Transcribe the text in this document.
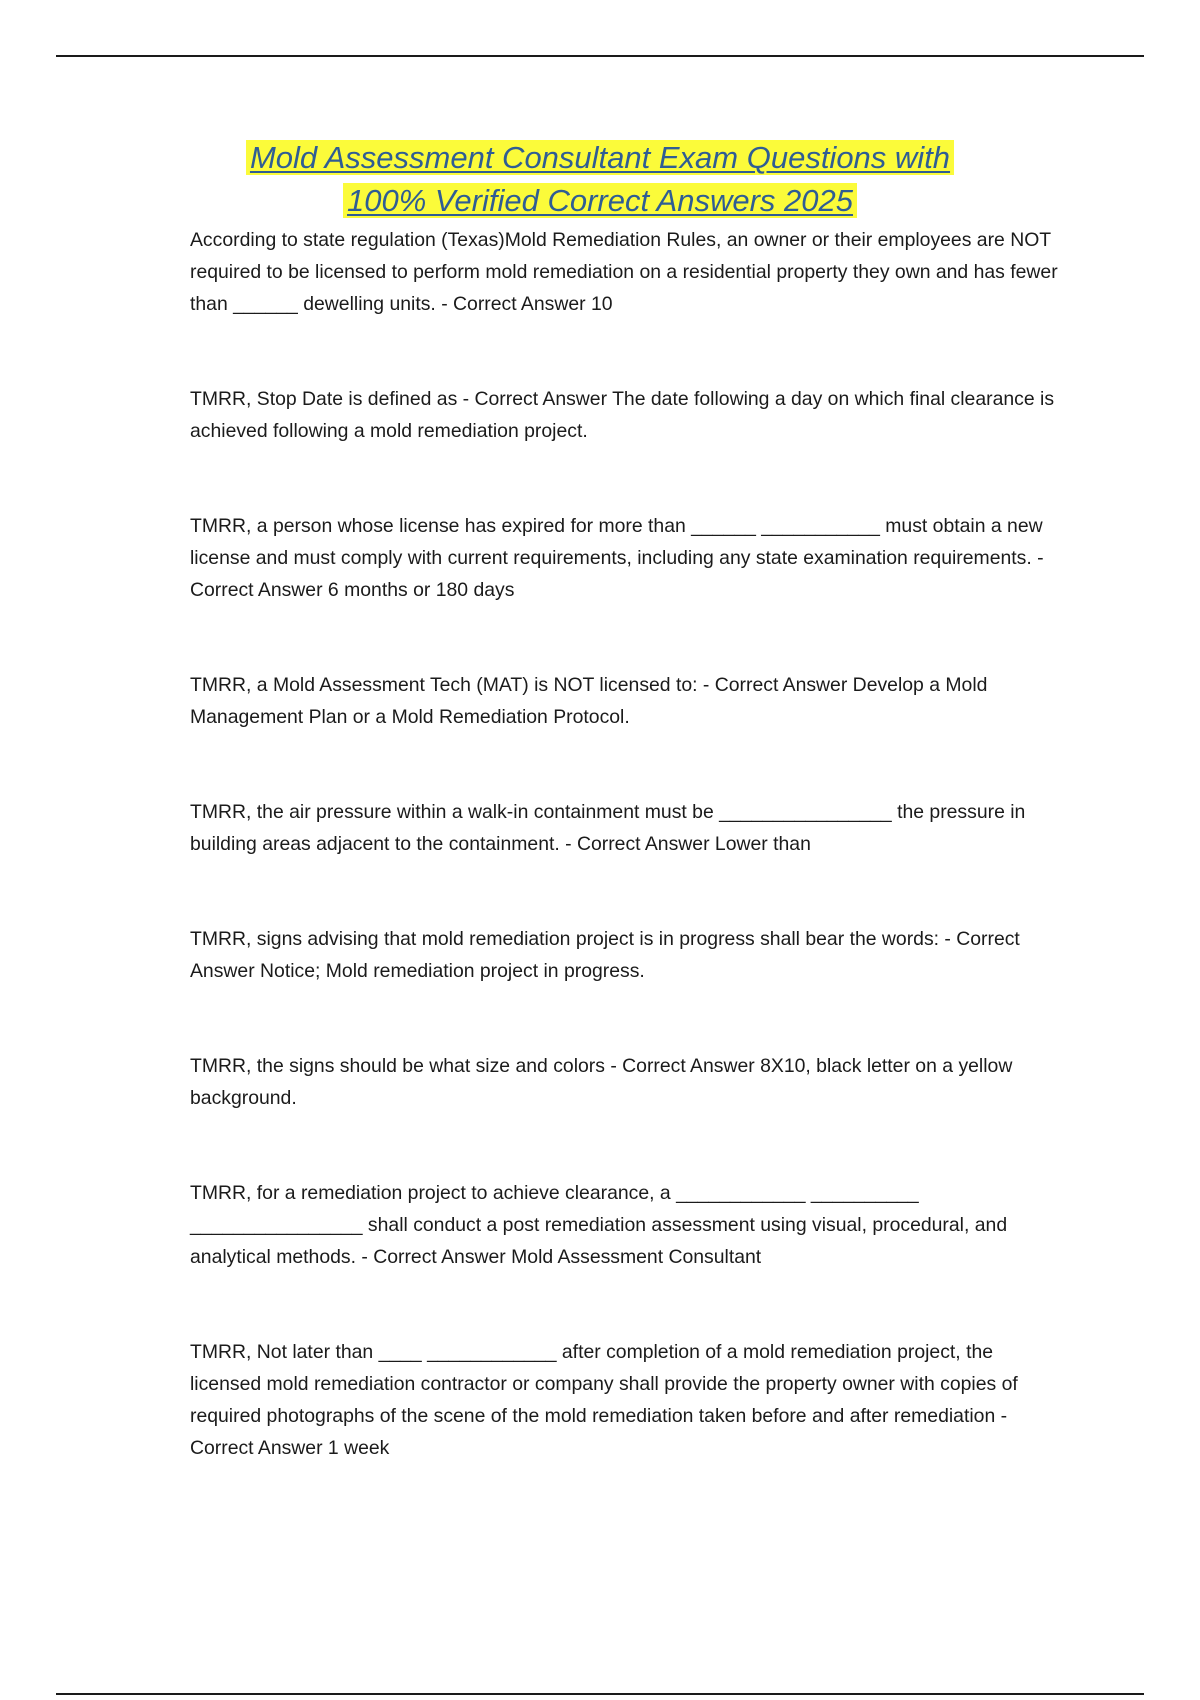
Mold Assessment Consultant Exam Questions with
100% Verified Correct Answers 2025

According to state regulation (Texas)Mold Remediation Rules, an owner or their employees are NOT required to be licensed to perform mold remediation on a residential property they own and has fewer than ______ dewelling units. - Correct Answer 10

TMRR, Stop Date is defined as - Correct Answer The date following a day on which final clearance is achieved following a mold remediation project.

TMRR, a person whose license has expired for more than ______ ___________ must obtain a new license and must comply with current requirements, including any state examination requirements. - Correct Answer 6 months or 180 days

TMRR, a Mold Assessment Tech (MAT) is NOT licensed to: - Correct Answer Develop a Mold Management Plan or a Mold Remediation Protocol.

TMRR, the air pressure within a walk-in containment must be ________________ the pressure in building areas adjacent to the containment. - Correct Answer Lower than

TMRR, signs advising that mold remediation project is in progress shall bear the words: - Correct Answer Notice; Mold remediation project in progress.

TMRR, the signs should be what size and colors - Correct Answer 8X10, black letter on a yellow background.

TMRR, for a remediation project to achieve clearance, a ____________ __________ ________________ shall conduct a post remediation assessment using visual, procedural, and analytical methods. - Correct Answer Mold Assessment Consultant

TMRR, Not later than ____ ____________ after completion of a mold remediation project, the licensed mold remediation contractor or company shall provide the property owner with copies of required photographs of the scene of the mold remediation taken before and after remediation - Correct Answer 1 week
